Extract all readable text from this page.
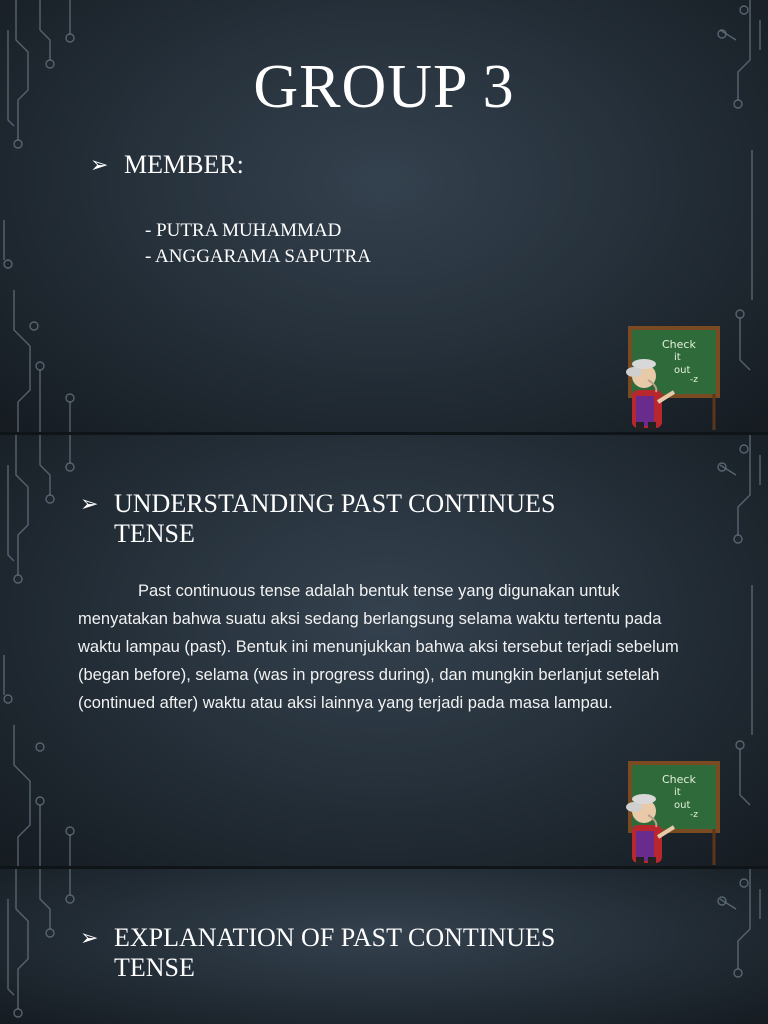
GROUP 3
➢ MEMBER:
- PUTRA MUHAMMAD
- ANGGARAMA SAPUTRA
Check
it
out
-z
➢ UNDERSTANDING PAST CONTINUES
TENSE
Past continuous tense adalah bentuk tense yang digunakan untuk menyatakan bahwa suatu aksi sedang berlangsung selama waktu tertentu pada waktu lampau (past). Bentuk ini menunjukkan bahwa aksi tersebut terjadi sebelum (began before), selama (was in progress during), dan mungkin berlanjut setelah (continued after) waktu atau aksi lainnya yang terjadi pada masa lampau.
Check
it
out
-z
➢ EXPLANATION OF PAST CONTINUES
TENSE
